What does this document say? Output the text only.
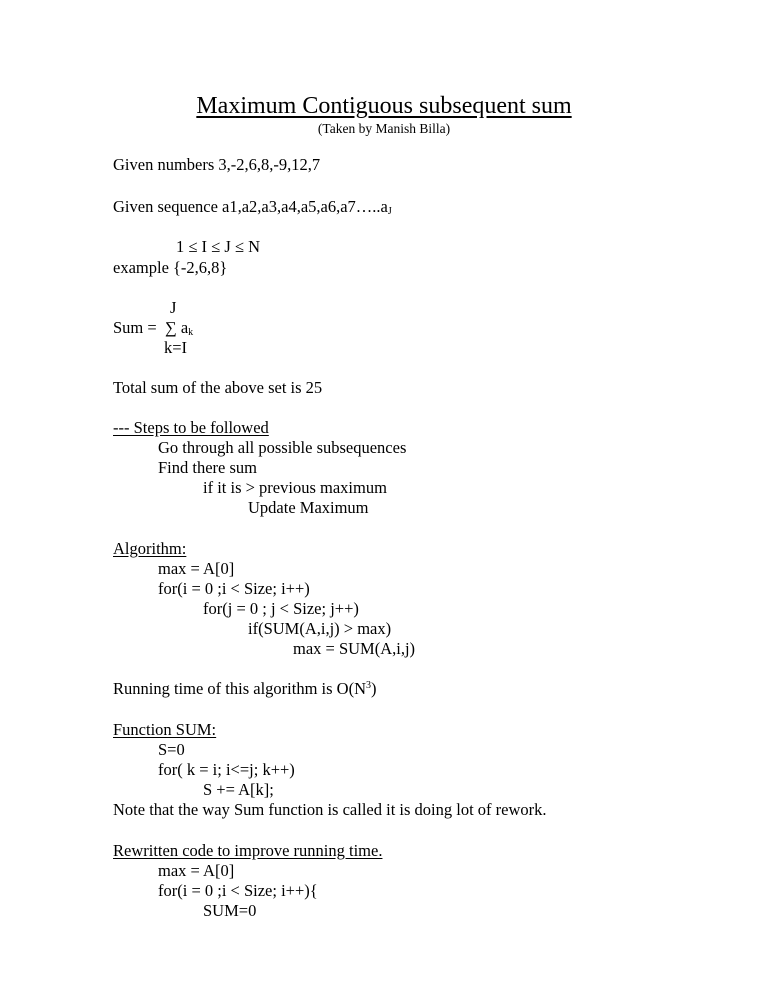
Maximum Contiguous subsequent sum
(Taken by Manish Billa)
Given numbers 3,-2,6,8,-9,12,7
Given sequence $a1,a2,a3,a4,a5,a6,a7\dots..a_J$
1 ≤ I ≤ J ≤ N
example {-2,6,8}
J
Sum =  ∑ $a_k$
k=I
Total sum of the above set is 25
--- Steps to be followed
Go through all possible subsequences
Find there sum
if it is > previous maximum
Update Maximum
Algorithm:
max = A[0]
for(i = 0 ;i < Size; i++)
for(j = 0 ; j < Size; j++)
if(SUM(A,i,j) > max)
max = SUM(A,i,j)
Running time of this algorithm is $O(N^3)$
Function SUM:
S=0
for( k = i; i<=j; k++)
S += A[k];
Note that the way Sum function is called it is doing lot of rework.
Rewritten code to improve running time.
max = A[0]
for(i = 0 ;i < Size; i++){
SUM=0
